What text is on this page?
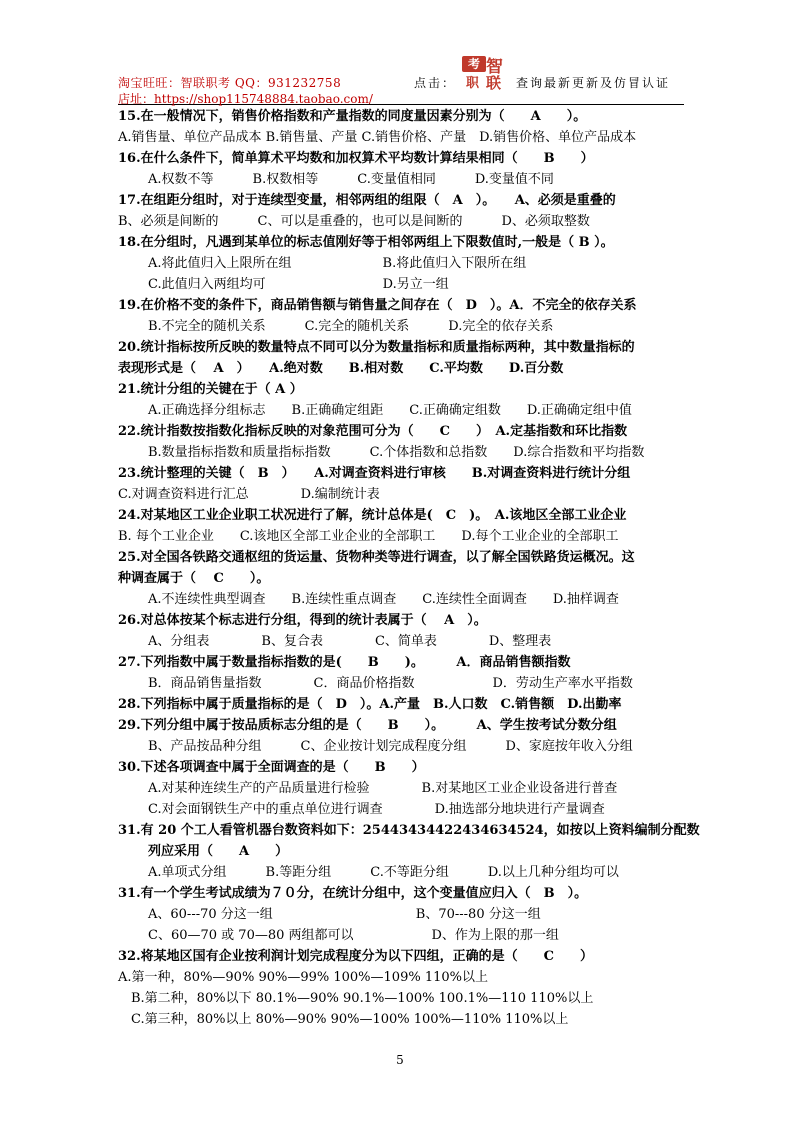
淘宝旺旺：智联职考 QQ：931232758
店址：https://shop115748884.taobao.com/
点击：
考 智
职 联 查询最新更新及仿冒认证
15.在一般情况下，销售价格指数和产量指数的同度量因素分别为（　　A　　）。
A.销售量、单位产品成本 B.销售量、产量 C.销售价格、产量　D.销售价格、单位产品成本
16.在什么条件下，简单算术平均数和加权算术平均数计算结果相同（　　B　　）
A.权数不等　　　B.权数相等　　　C.变量值相同　　　D.变量值不同
17.在组距分组时，对于连续型变量，相邻两组的组限（　A　）。　　A、必须是重叠的
B、必须是间断的　　　C、可以是重叠的，也可以是间断的　　　D、必须取整数
18.在分组时，凡遇到某单位的标志值刚好等于相邻两组上下限数值时,一般是（ B ）。
A.将此值归入上限所在组　　　　　　　B.将此值归入下限所在组
C.此值归入两组均可　　　　　　　　　D.另立一组
19.在价格不变的条件下，商品销售额与销售量之间存在（　D　）。A．不完全的依存关系
B.不完全的随机关系　　　C.完全的随机关系　　　D.完全的依存关系
20.统计指标按所反映的数量特点不同可以分为数量指标和质量指标两种，其中数量指标的
表现形式是（　 A　）　　A.绝对数　　B.相对数　　C.平均数　　D.百分数
21.统计分组的关键在于（ A ）
A.正确选择分组标志　　B.正确确定组距　　C.正确确定组数　　D.正确确定组中值
22.统计指数按指数化指标反映的对象范围可分为（　　C　　）　A.定基指数和环比指数
B.数量指标指数和质量指标指数　　　C.个体指数和总指数　　D.综合指数和平均指数
23.统计整理的关键（　B　）　　A.对调查资料进行审核　　B.对调查资料进行统计分组
C.对调查资料进行汇总　　　　D.编制统计表
24.对某地区工业企业职工状况进行了解，统计总体是(　C　)。　A.该地区全部工业企业
B. 每个工业企业　　C.该地区全部工业企业的全部职工　　D.每个工业企业的全部职工
25.对全国各铁路交通枢纽的货运量、货物种类等进行调查，以了解全国铁路货运概况。这
种调查属于（　 C　　）。
A.不连续性典型调查　　B.连续性重点调查　　C.连续性全面调查　　D.抽样调查
26.对总体按某个标志进行分组，得到的统计表属于（　 A　）。
A、分组表　　　　B、复合表　　　　C、简单表　　　　D、整理表
27.下列指数中属于数量指标指数的是(　　B　　)。　　　A．商品销售额指数
B．商品销售量指数　　　　C．商品价格指数　　　　　　D．劳动生产率水平指数
28.下列指标中属于质量指标的是（　D　）。A.产量　B.人口数　C.销售额　D.出勤率
29.下列分组中属于按品质标志分组的是（　　B　　）。　　　A、学生按考试分数分组
B、产品按品种分组　　　C、企业按计划完成程度分组　　　D、家庭按年收入分组
30.下述各项调查中属于全面调查的是（　　B　　）
A.对某种连续生产的产品质量进行检验　　　　B.对某地区工业企业设备进行普查
C.对会面钢铁生产中的重点单位进行调查　　　　D.抽选部分地块进行产量调查
31.有 20 个工人看管机器台数资料如下：25443434422434634524，如按以上资料编制分配数
列应采用（　　A　　）
A.单项式分组　　　B.等距分组　　　C.不等距分组　　　D.以上几种分组均可以
31.有一个学生考试成绩为７０分，在统计分组中，这个变量值应归入（　B　）。
A、60---70 分这一组　　　　　　　　　　　B、70---80 分这一组
C、60—70 或 70—80 两组都可以　　　　　　D、作为上限的那一组
32.将某地区国有企业按利润计划完成程度分为以下四组，正确的是（　　C　　）
A.第一种，80%—90% 90%—99% 100%—109% 110%以上
　B.第二种，80%以下 80.1%—90% 90.1%—100% 100.1%—110 110%以上
　C.第三种，80%以上 80%—90% 90%—100% 100%—110% 110%以上
5
